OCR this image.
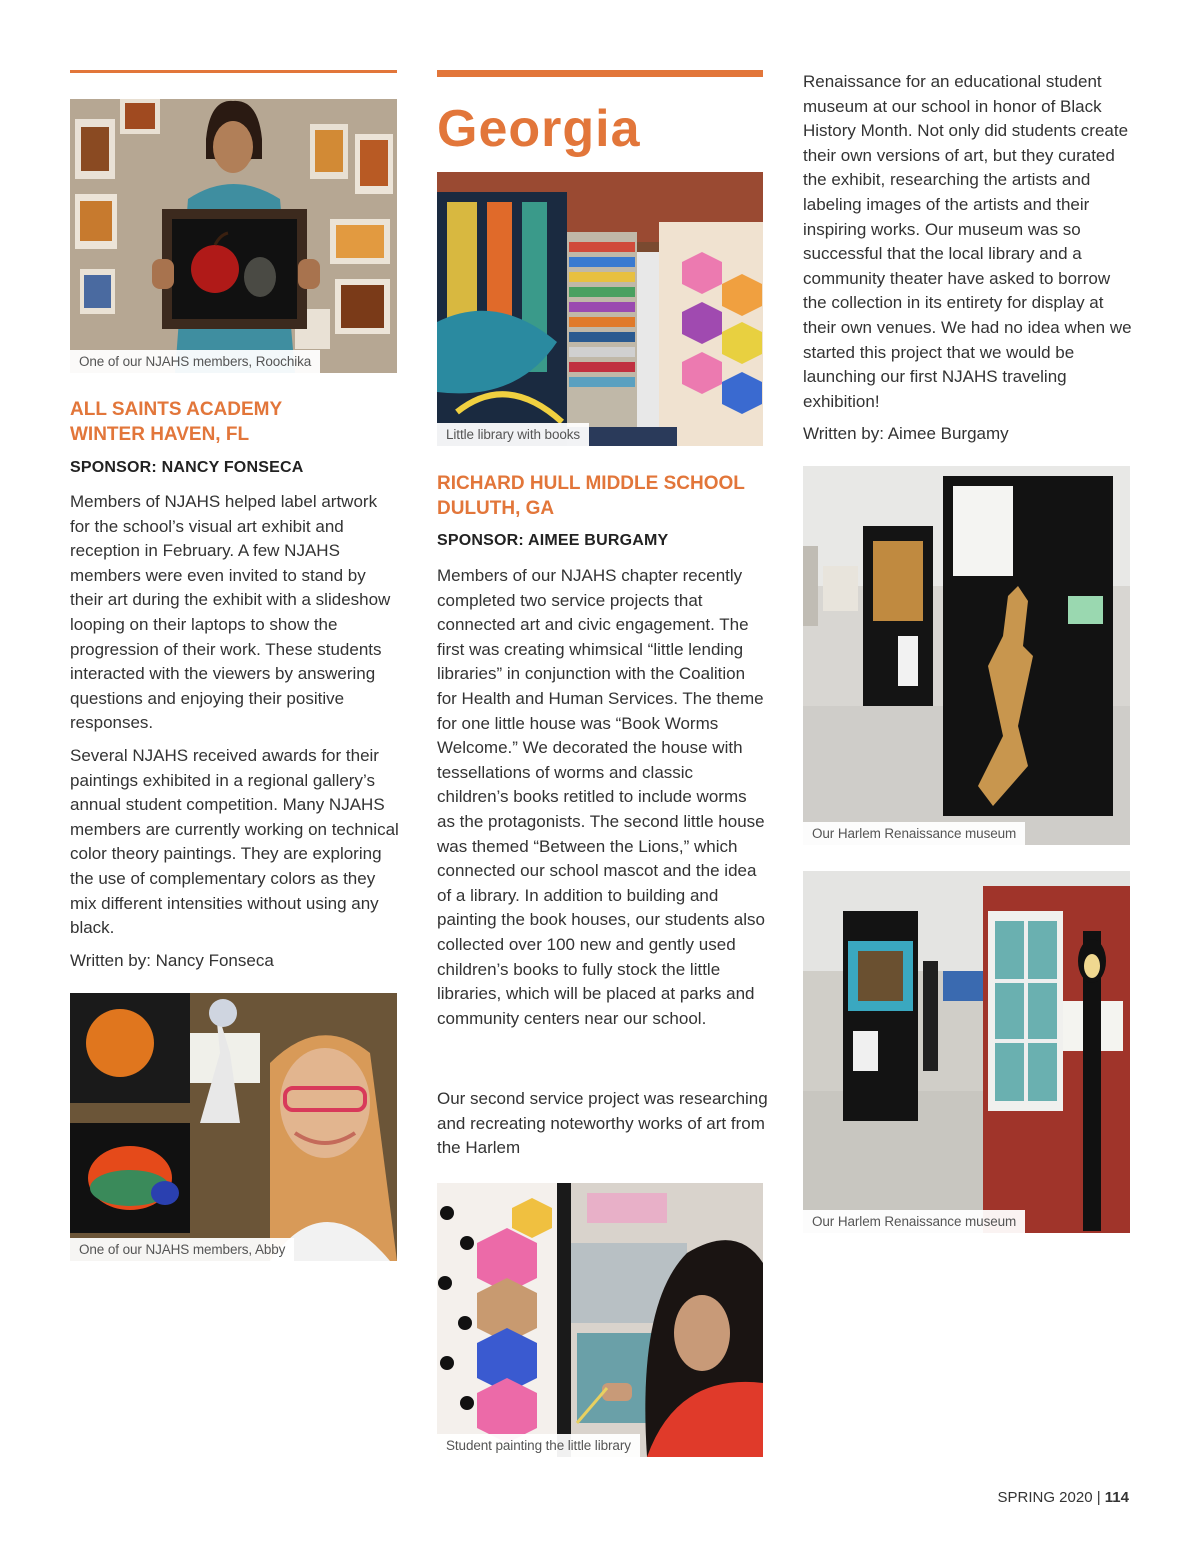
One of our NJAHS members, Roochika
ALL SAINTS ACADEMY
WINTER HAVEN, FL
SPONSOR: NANCY FONSECA

Members of NJAHS helped label artwork for the school’s visual art exhibit and reception in February. A few NJAHS members were even invited to stand by their art during the exhibit with a slideshow looping on their laptops to show the progression of their work. These students interacted with the viewers by answering questions and enjoying their positive responses.

Several NJAHS received awards for their paintings exhibited in a regional gallery’s annual student competition. Many NJAHS members are currently working on technical color theory paintings. They are exploring the use of complementary colors as they mix different intensities without using any black.

Written by: Nancy Fonseca

One of our NJAHS members, Abby
Georgia
Little library with books
RICHARD HULL MIDDLE SCHOOL
DULUTH, GA
SPONSOR: AIMEE BURGAMY

Members of our NJAHS chapter recently completed two service projects that connected art and civic engagement. The first was creating whimsical “little lending libraries” in conjunction with the Coalition for Health and Human Services. The theme for one little house was “Book Worms Welcome.” We decorated the house with tessellations of worms and classic children’s books retitled to include worms as the protagonists. The second little house was themed “Between the Lions,” which connected our school mascot and the idea of a library. In addition to building and painting the book houses, our students also collected over 100 new and gently used children’s books to fully stock the little libraries, which will be placed at parks and community centers near our school.

Our second service project was researching and recreating noteworthy works of art from the Harlem

Student painting the little library

Renaissance for an educational student museum at our school in honor of Black History Month. Not only did students create their own versions of art, but they curated the exhibit, researching the artists and labeling images of the artists and their inspiring works. Our museum was so successful that the local library and a community theater have asked to borrow the collection in its entirety for display at their own venues. We had no idea when we started this project that we would be launching our first NJAHS traveling exhibition!

Written by: Aimee Burgamy

Our Harlem Renaissance museum
Our Harlem Renaissance museum
SPRING 2020 | 114
